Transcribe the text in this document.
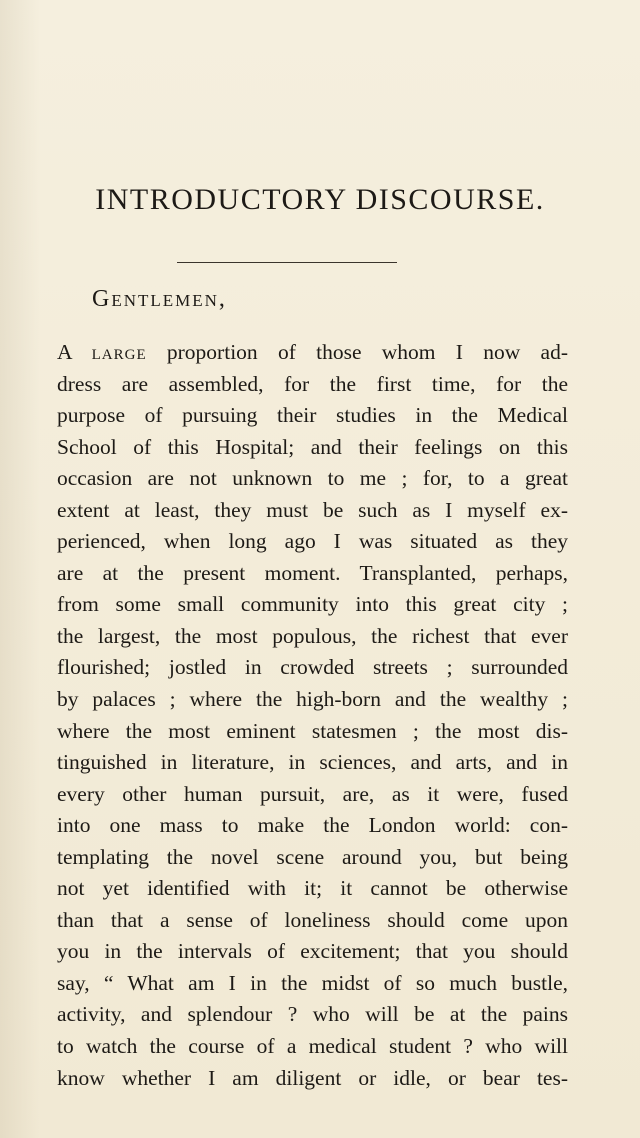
INTRODUCTORY DISCOURSE.

Gentlemen,

A large proportion of those whom I now ad-
dress are assembled, for the first time, for the
purpose of pursuing their studies in the Medical
School of this Hospital; and their feelings on this
occasion are not unknown to me ; for, to a great
extent at least, they must be such as I myself ex-
perienced, when long ago I was situated as they
are at the present moment. Transplanted, perhaps,
from some small community into this great city ;
the largest, the most populous, the richest that ever
flourished; jostled in crowded streets ; surrounded
by palaces ; where the high-born and the wealthy ;
where the most eminent statesmen ; the most dis-
tinguished in literature, in sciences, and arts, and in
every other human pursuit, are, as it were, fused
into one mass to make the London world: con-
templating the novel scene around you, but being
not yet identified with it; it cannot be otherwise
than that a sense of loneliness should come upon
you in the intervals of excitement; that you should
say, “ What am I in the midst of so much bustle,
activity, and splendour ? who will be at the pains
to watch the course of a medical student ? who will
know whether I am diligent or idle, or bear tes-
